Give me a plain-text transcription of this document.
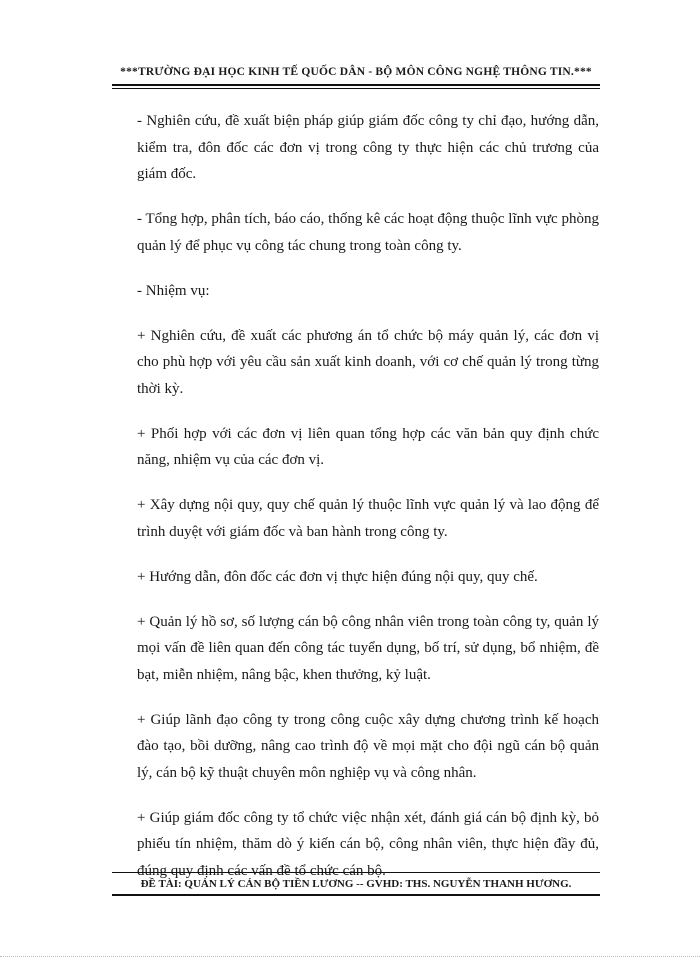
***TRƯỜNG ĐẠI HỌC KINH TẾ QUỐC DÂN - BỘ MÔN CÔNG NGHỆ THÔNG TIN.***

- Nghiên cứu, đề xuất biện pháp giúp giám đốc công ty chỉ đạo, hướng dẫn, kiểm tra, đôn đốc các đơn vị trong công ty thực hiện các chủ trương của giám đốc.

- Tổng hợp, phân tích, báo cáo, thống kê các hoạt động thuộc lĩnh vực phòng quản lý để phục vụ công tác chung trong toàn công ty.

- Nhiệm vụ:

+ Nghiên cứu, đề xuất các phương án tổ chức bộ máy quản lý, các đơn vị cho phù hợp với yêu cầu sản xuất kinh doanh, với cơ chế quản lý trong từng thời kỳ.

+ Phối hợp với các đơn vị liên quan tổng hợp các văn bản quy định chức năng, nhiệm vụ của các đơn vị.

+ Xây dựng nội quy, quy chế quản lý thuộc lĩnh vực quản lý và lao động để trình duyệt với giám đốc và ban hành trong công ty.

+ Hướng dẫn, đôn đốc các đơn vị thực hiện đúng nội quy, quy chế.

+ Quản lý hồ sơ, số lượng cán bộ công nhân viên trong toàn công ty, quản lý mọi vấn đề liên quan đến công tác tuyển dụng, bố trí, sử dụng, bổ nhiệm, đề bạt, miễn nhiệm, nâng bậc, khen thưởng, kỷ luật.

+ Giúp lãnh đạo công ty trong công cuộc xây dựng chương trình kế hoạch đào tạo, bồi dưỡng, nâng cao trình độ về mọi mặt cho đội ngũ cán bộ quản lý, cán bộ kỹ thuật chuyên môn nghiệp vụ và công nhân.

+ Giúp giám đốc công ty tổ chức việc nhận xét, đánh giá cán bộ định kỳ, bỏ phiếu tín nhiệm, thăm dò ý kiến cán bộ, công nhân viên, thực hiện đầy đủ, đúng quy định các vấn đề tổ chức cán bộ.

ĐỀ TÀI: QUẢN LÝ CÁN BỘ TIỀN LƯƠNG -- GVHD: THS. NGUYỄN THANH HƯƠNG.
